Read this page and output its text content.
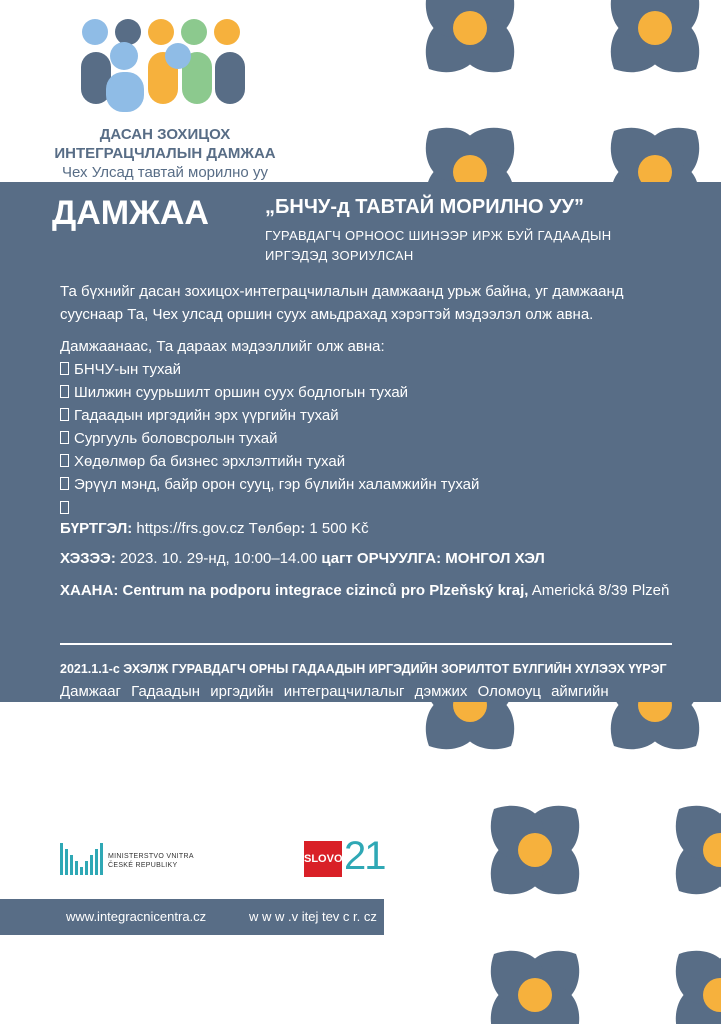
ДАСАН ЗОХИЦОХ
ИНТЕГРАЦЧЛАЛЫН ДАМЖАА
Чех Улсад тавтай морилно уу
ДАМЖАА	„БНЧУ-д ТАВТАЙ МОРИЛНО УУ”
ГУРАВДАГЧ ОРНООС ШИНЭЭР ИРЖ БУЙ ГАДААДЫН
ИРГЭДЭД ЗОРИУЛСАН
Та бүхнийг дасан зохицох-интеграцчилалын дамжаанд урьж байна, уг дамжаанд
сууснаар Та, Чех улсад оршин суух амьдрахад хэрэгтэй мэдээлэл олж авна.
Дамжаанаас, Та дараах мэдээллийг олж авна:
БНЧУ-ын тухай
Шилжин суурьшилт оршин суух бодлогын тухай
Гадаадын иргэдийн эрх үүргийн тухай
Сургууль боловсролын тухай
Хөдөлмөр ба бизнес эрхлэлтийн тухай
Эрүүл мэнд, байр орон сууц, гэр бүлийн халамжийн тухай
БҮРТГЭЛ: https://frs.gov.cz Төлбөр: 1 500 Kč
ХЭЗЭЭ: 2023. 10. 29-нд, 10:00–14.00 цагт ОРЧУУЛГА: МОНГОЛ ХЭЛ
ХААНА: Centrum na podporu integrace cizinců pro Plzeňský kraj, Americká 8/39 Plzeň
2021.1.1-с ЭХЭЛЖ ГУРАВДАГЧ ОРНЫ ГАДААДЫН ИРГЭДИЙН ЗОРИЛТОТ БҮЛГИЙН ХҮЛЭЭХ ҮҮРЭГ
Дамжааг Гадаадын иргэдийн интеграцчилалыг дэмжих Оломоуц аймгийн
Төв зохион байгуулна.
MINISTERSTVO VNITRA
ČESKÉ REPUBLIKY
SLOVO 21
www.integracnicentra.cz	w w w .v itej tev c r. cz
